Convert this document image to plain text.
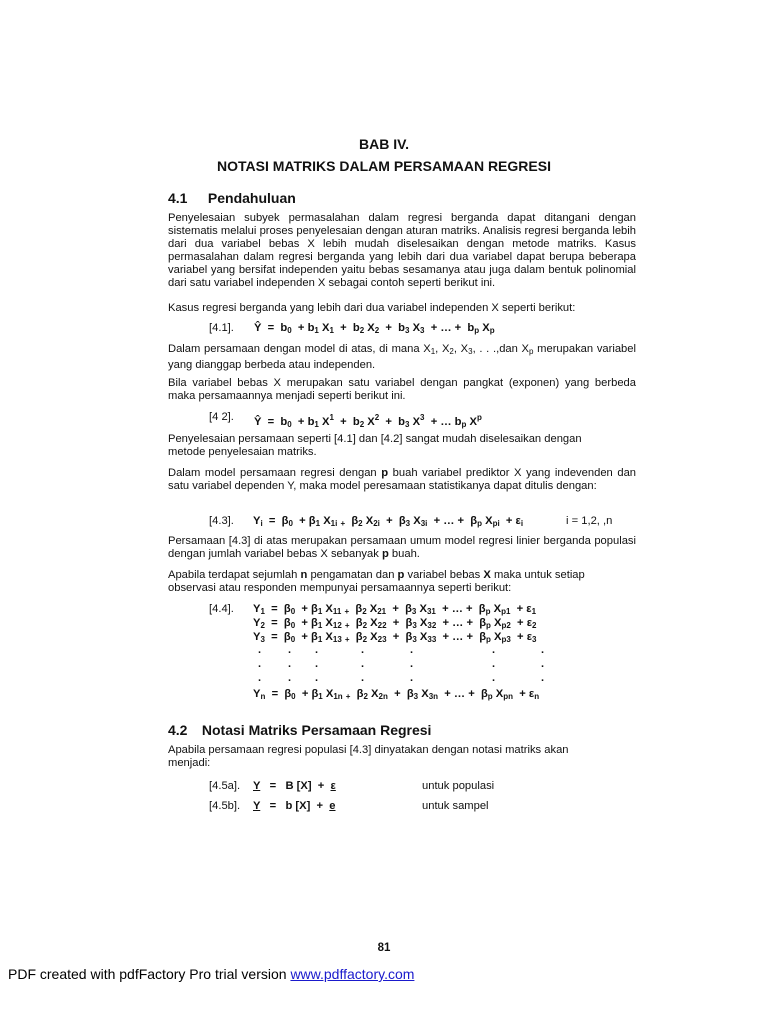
BAB IV.
NOTASI MATRIKS DALAM PERSAMAAN REGRESI
4.1 Pendahuluan
Penyelesaian subyek permasalahan dalam regresi berganda dapat ditangani dengan sistematis melalui proses penyelesaian dengan aturan matriks. Analisis regresi berganda lebih dari dua variabel bebas X lebih mudah diselesaikan dengan metode matriks. Kasus permasalahan dalam regresi berganda yang lebih dari dua variabel dapat berupa beberapa variabel yang bersifat independen yaitu bebas sesamanya atau juga dalam bentuk polinomial dari satu variabel independen X sebagai contoh seperti berikut ini.
Kasus regresi berganda yang lebih dari dua variabel independen X seperti berikut:
[4.1]. Ŷ  =  $b_0 + b_1$ $X_1 + b_2$ $X_2 + b_3$ $X_3$  + … +  $b_p$ $X_p$
Dalam persamaan dengan model di atas, di mana $X_1$, $X_2$, $X_3$, . . .,dan $X_p$ merupakan variabel yang dianggap berbeda atau independen.
Bila variabel bebas X merupakan satu variabel dengan pangkat (exponen) yang berbeda maka persamaannya menjadi seperti berikut ini.
[4 2]. Ŷ  =  $b_0 + b_1$ $X^1 + b_2$ $X^2 + b_3$ $X^3$  + … $b_p$ $X^p$
Penyelesaian persamaan seperti [4.1] dan [4.2] sangat mudah diselesaikan dengan metode penyelesaian matriks.
Dalam model persamaan regresi dengan p buah variabel prediktor X yang indevenden dan satu variabel dependen Y, maka model peresamaan statistikanya dapat ditulis dengan:
[4.3]. $Y_i = \beta_0 + \beta_1$ $X_{1i}$ $_+$  $\beta_2$ $X_{2i} + \beta_3$ $X_{3i}$  + … +  $\beta_p$ $X_{pi} + \varepsilon_i$	i = 1,2, ,n
Persamaan [4.3] di atas merupakan persamaan umum model regresi linier berganda populasi dengan jumlah variabel bebas X sebanyak p buah.
Apabila terdapat sejumlah n pengamatan dan p variabel bebas X maka untuk setiap observasi atau responden mempunyai persamaannya seperti berikut:
[4.4]. $Y_1 = \beta_0 + \beta_1$ $X_{11}$ $_+$  $\beta_2$ $X_{21} + \beta_3$ $X_{31}$  + … +  $\beta_p$ $X_{p1} + \varepsilon_1$
$Y_2 = \beta_0 + \beta_1$ $X_{12}$ $_+$  $\beta_2$ $X_{22} + \beta_3$ $X_{32}$  + … +  $\beta_p$ $X_{p2} + \varepsilon_2$
$Y_3 = \beta_0 + \beta_1$ $X_{13}$ $_+$  $\beta_2$ $X_{23} + \beta_3$ $X_{33}$  + … +  $\beta_p$ $X_{p3} + \varepsilon_3$
. . .	.	.	.	.
. . .	.	.	.	.
. . .	.	.	.	.
$Y_n = \beta_0 + \beta_1$ $X_{1n}$ $_+$  $\beta_2$ $X_{2n} + \beta_3$ $X_{3n}$  + … +  $\beta_p$ $X_{pn} + \varepsilon_n$
4.2 Notasi Matriks Persamaan Regresi
Apabila persamaan regresi populasi [4.3] dinyatakan dengan notasi matriks akan menjadi:
[4.5a]. Y   =   B [X]  +  ε	untuk populasi
[4.5b]. Y   =   b [X]  +  e	untuk sampel
81
PDF created with pdfFactory Pro trial version www.pdffactory.com
